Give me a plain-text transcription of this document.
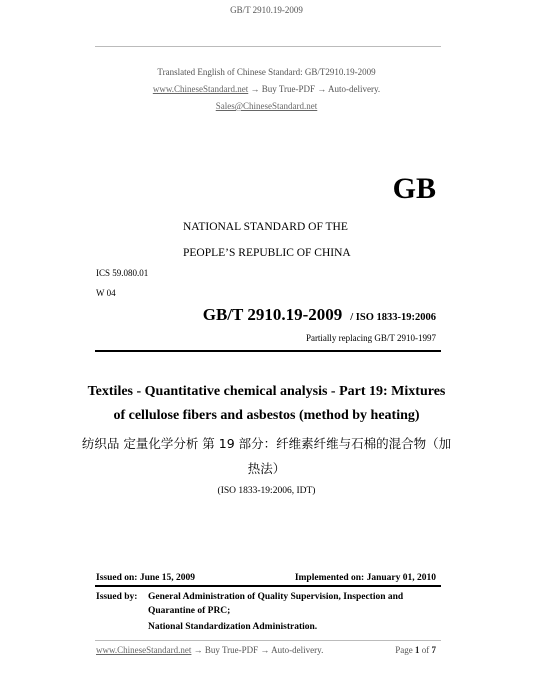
GB/T 2910.19-2009
Translated English of Chinese Standard: GB/T2910.19-2009
www.ChineseStandard.net → Buy True-PDF → Auto-delivery.
Sales@ChineseStandard.net
GB
NATIONAL STANDARD OF THE
PEOPLE’S REPUBLIC OF CHINA
ICS 59.080.01
W 04
GB/T 2910.19-2009 / ISO 1833-19:2006
Partially replacing GB/T 2910-1997
Textiles - Quantitative chemical analysis - Part 19: Mixtures
of cellulose fibers and asbestos (method by heating)
纺织品 定量化学分析 第 19 部分：纤维素纤维与石棉的混合物（加
热法）
(ISO 1833-19:2006, IDT)
Issued on: June 15, 2009	Implemented on: January 01, 2010
Issued by: General Administration of Quality Supervision, Inspection and
Quarantine of PRC;
National Standardization Administration.
www.ChineseStandard.net → Buy True-PDF → Auto-delivery.	Page 1 of 7
